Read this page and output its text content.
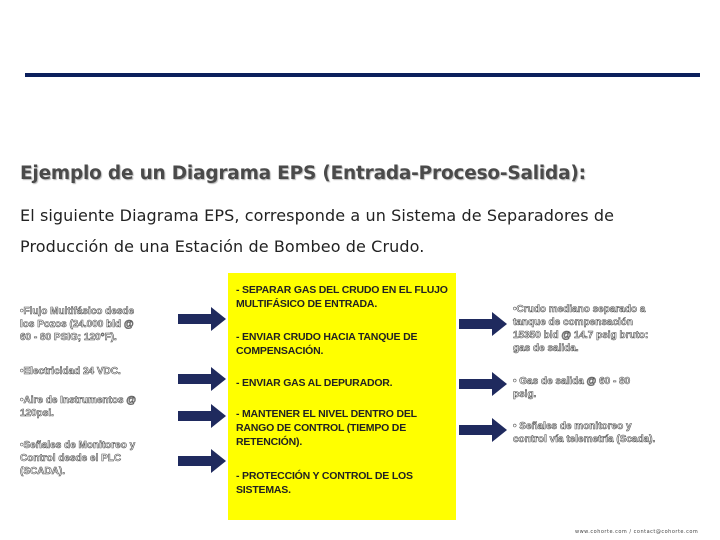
Ejemplo de un Diagrama EPS (Entrada-Proceso-Salida):
El siguiente Diagrama EPS, corresponde a un Sistema de Separadores de
Producción de una Estación de Bombeo de Crudo.
•Flujo Multifásico desde
los Pozos (24.000 bld @
60 - 80 PSIG; 120°F).
•Electricidad 24 VDC.
•Aire de Instrumentos @
120psi.
•Señales de Monitoreo y
Control desde el PLC
(SCADA).
- SEPARAR GAS DEL CRUDO EN EL FLUJO
MULTIFÁSICO DE ENTRADA.
- ENVIAR CRUDO HACIA TANQUE DE
COMPENSACIÓN.
- ENVIAR GAS AL DEPURADOR.
- MANTENER EL NIVEL DENTRO DEL
RANGO DE CONTROL (TIEMPO DE
RETENCIÓN).
- PROTECCIÓN Y CONTROL DE LOS
SISTEMAS.
•Crudo mediano separado a
tanque de compensación
15350 bld @ 14.7 psig bruto:
gas de salida.
• Gas de salida @ 60 - 80
psig.
• Señales de monitoreo y
control vía telemetría (Scada).
www.cohorte.com / contact@cohorte.com
